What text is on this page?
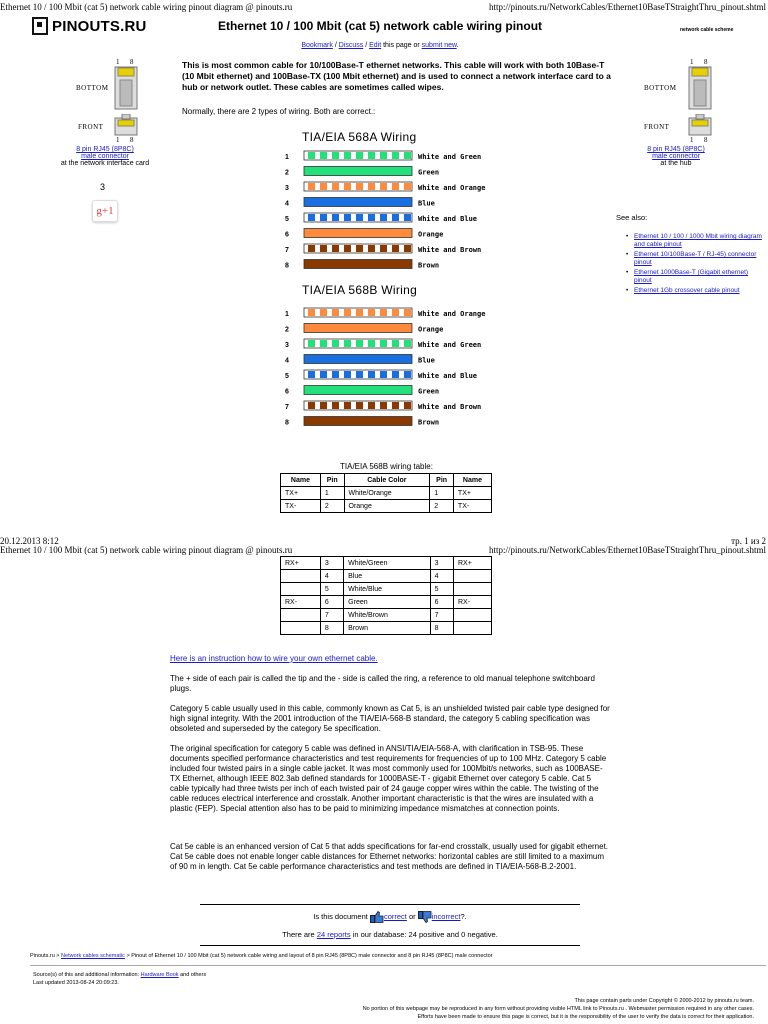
Ethernet 10 / 100 Mbit (cat 5) network cable wiring pinout diagram @ pinouts.ru	http://pinouts.ru/NetworkCables/Ethernet10BaseTStraightThru_pinout.shtml
PINOUTS.RU	Ethernet 10 / 100 Mbit (cat 5) network cable wiring pinout	network cable scheme
Bookmark / Discuss / Edit this page or submit new.
This is most common cable for 10/100Base-T ethernet networks. This cable will work with both 10Base-T (10 Mbit ethernet) and 100Base-TX (100 Mbit ethernet) and is used to connect a network interface card to a hub or network outlet. These cables are sometimes called wipes.
Normally, there are 2 types of wiring. Both are correct.:
1 8
BOTTOM
FRONT
1 8
8 pin RJ45 (8P8C)
male connector
at the network interface card
3
g+1
1 8
BOTTOM
FRONT
1 8
8 pin RJ45 (8P8C)
male connector
at the hub
See also:
• Ethernet 10 / 100 / 1000 Mbit wiring diagram and cable pinout
• Ethernet 10/100Base-T / RJ-45) connector pinout
• Ethernet 1000Base-T (Gigabit ethernet) pinout
• Ethernet 1Gb crossover cable pinout
TIA/EIA 568A Wiring
1	White and Green
2	Green
3	White and Orange
4	Blue
5	White and Blue
6	Orange
7	White and Brown
8	Brown
TIA/EIA 568B Wiring
1	White and Orange
2	Orange
3	White and Green
4	Blue
5	White and Blue
6	Green
7	White and Brown
8	Brown
TIA/EIA 568B wiring table:
Name	Pin	Cable Color	Pin	Name
TX+	1	White/Orange	1	TX+
TX-	2	Orange	2	TX-
20.12.2013 8:12	тр. 1 из 2
Ethernet 10 / 100 Mbit (cat 5) network cable wiring pinout diagram @ pinouts.ru	http://pinouts.ru/NetworkCables/Ethernet10BaseTStraightThru_pinout.shtml
RX+	3	White/Green	3	RX+
	4	Blue	4	
	5	White/Blue	5	
RX-	6	Green	6	RX-
	7	White/Brown	7	
	8	Brown	8	
Here is an instruction how to wire your own ethernet cable.
The + side of each pair is called the tip and the - side is called the ring, a reference to old manual telephone switchboard plugs.
Category 5 cable usually used in this cable, commonly known as Cat 5, is an unshielded twisted pair cable type designed for high signal integrity. With the 2001 introduction of the TIA/EIA-568-B standard, the category 5 cabling specification was obsoleted and superseded by the category 5e specification.
The original specification for category 5 cable was defined in ANSI/TIA/EIA-568-A, with clarification in TSB-95. These documents specified performance characteristics and test requirements for frequencies of up to 100 MHz. Category 5 cable included four twisted pairs in a single cable jacket. It was most commonly used for 100Mbit/s networks, such as 100BASE-TX Ethernet, although IEEE 802.3ab defined standards for 1000BASE-T - gigabit Ethernet over category 5 cable. Cat 5 cable typically had three twists per inch of each twisted pair of 24 gauge copper wires within the cable. The twisting of the cable reduces electrical interference and crosstalk. Another important characteristic is that the wires are insulated with a plastic (FEP). Special attention also has to be paid to minimizing impedance mismatches at connection points.
Cat 5e cable is an enhanced version of Cat 5 that adds specifications for far-end crosstalk, usually used for gigabit ethernet. Cat 5e cable does not enable longer cable distances for Ethernet networks: horizontal cables are still limited to a maximum of 90 m in length. Cat 5e cable performance characteristics and test methods are defined in TIA/EIA-568-B.2-2001.
Is this document correct or incorrect?.
There are 24 reports in our database: 24 positive and 0 negative.
Pinouts.ru > Network cables schematic > Pinout of Ethernet 10 / 100 Mbit (cat 5) network cable wiring and layout of 8 pin RJ45 (8P8C) male connector and 8 pin RJ45 (8P8C) male connector
Source(s) of this and additional information: Hardware Book and others
Last updated 2013-08-24 20:09:23.
This page contain parts under Copyright © 2000-2012 by pinouts.ru team.
No portion of this webpage may be reproduced in any form without providing visible HTML link to Pinouts.ru . Webmaster permission required in any other cases.
Efforts have been made to ensure this page is correct, but it is the responsibility of the user to verify the data is correct for their application.
